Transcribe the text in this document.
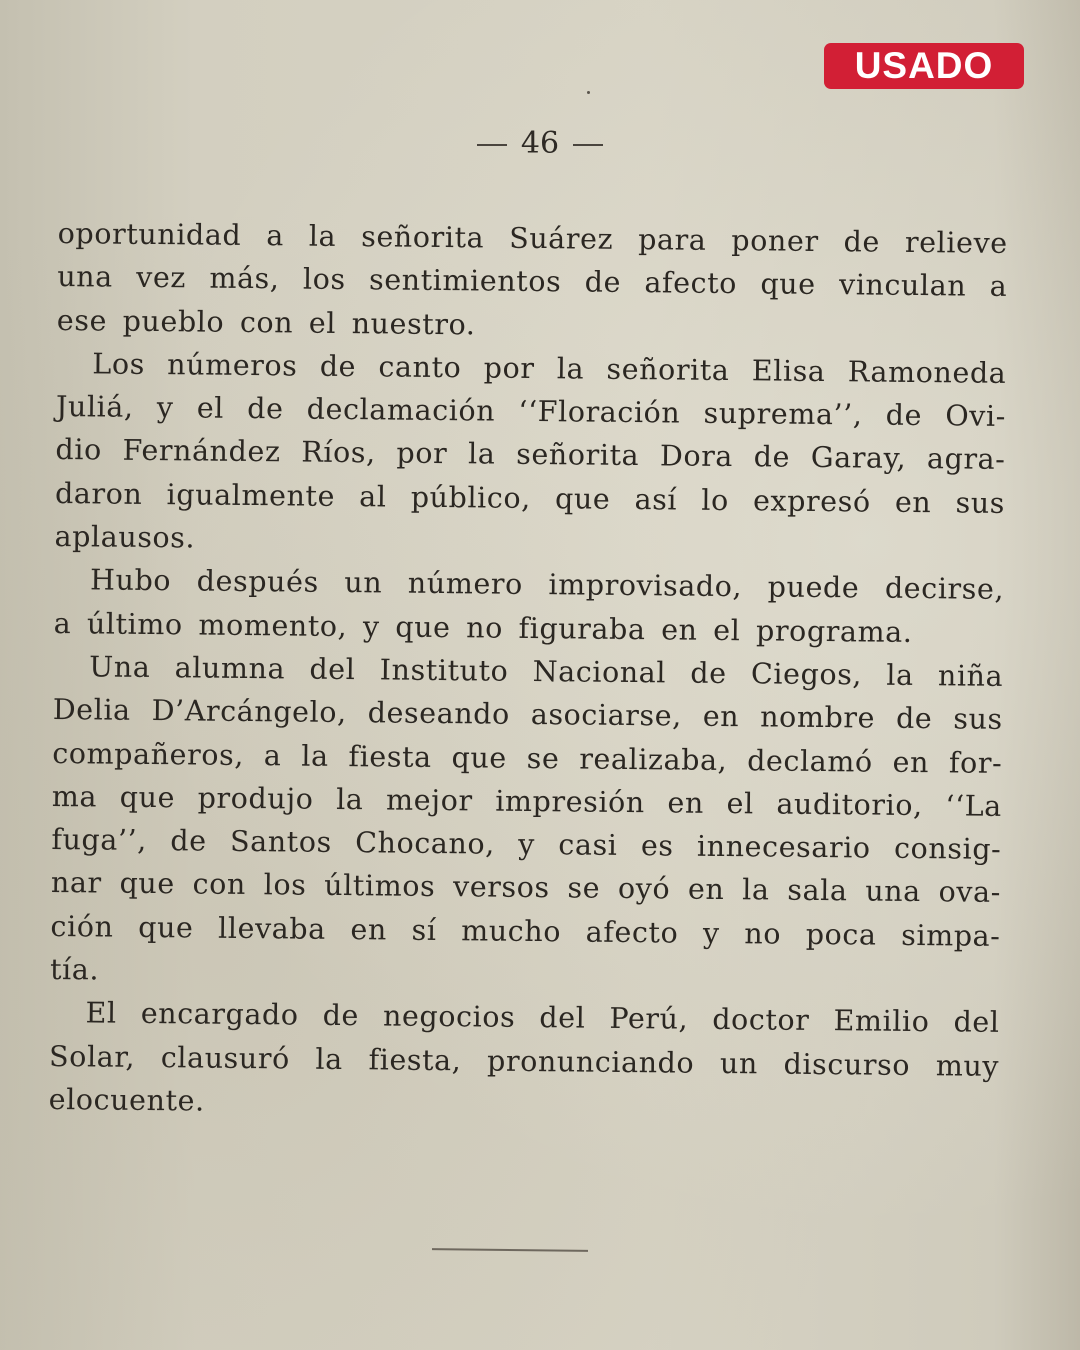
USADO
46
oportunidad a la señorita Suárez para poner de relieve
una vez más, los sentimientos de afecto que vinculan a
ese pueblo con el nuestro.
Los números de canto por la señorita Elisa Ramoneda
Juliá, y el de declamación ‘‘Floración suprema’’, de Ovi-
dio Fernández Ríos, por la señorita Dora de Garay, agra-
daron igualmente al público, que así lo expresó en sus
aplausos.
Hubo después un número improvisado, puede decirse,
a último momento, y que no figuraba en el programa.
Una alumna del Instituto Nacional de Ciegos, la niña
Delia D’Arcángelo, deseando asociarse, en nombre de sus
compañeros, a la fiesta que se realizaba, declamó en for-
ma que produjo la mejor impresión en el auditorio, ‘‘La
fuga’’, de Santos Chocano, y casi es innecesario consig-
nar que con los últimos versos se oyó en la sala una ova-
ción que llevaba en sí mucho afecto y no poca simpa-
tía.
El encargado de negocios del Perú, doctor Emilio del
Solar, clausuró la fiesta, pronunciando un discurso muy
elocuente.
